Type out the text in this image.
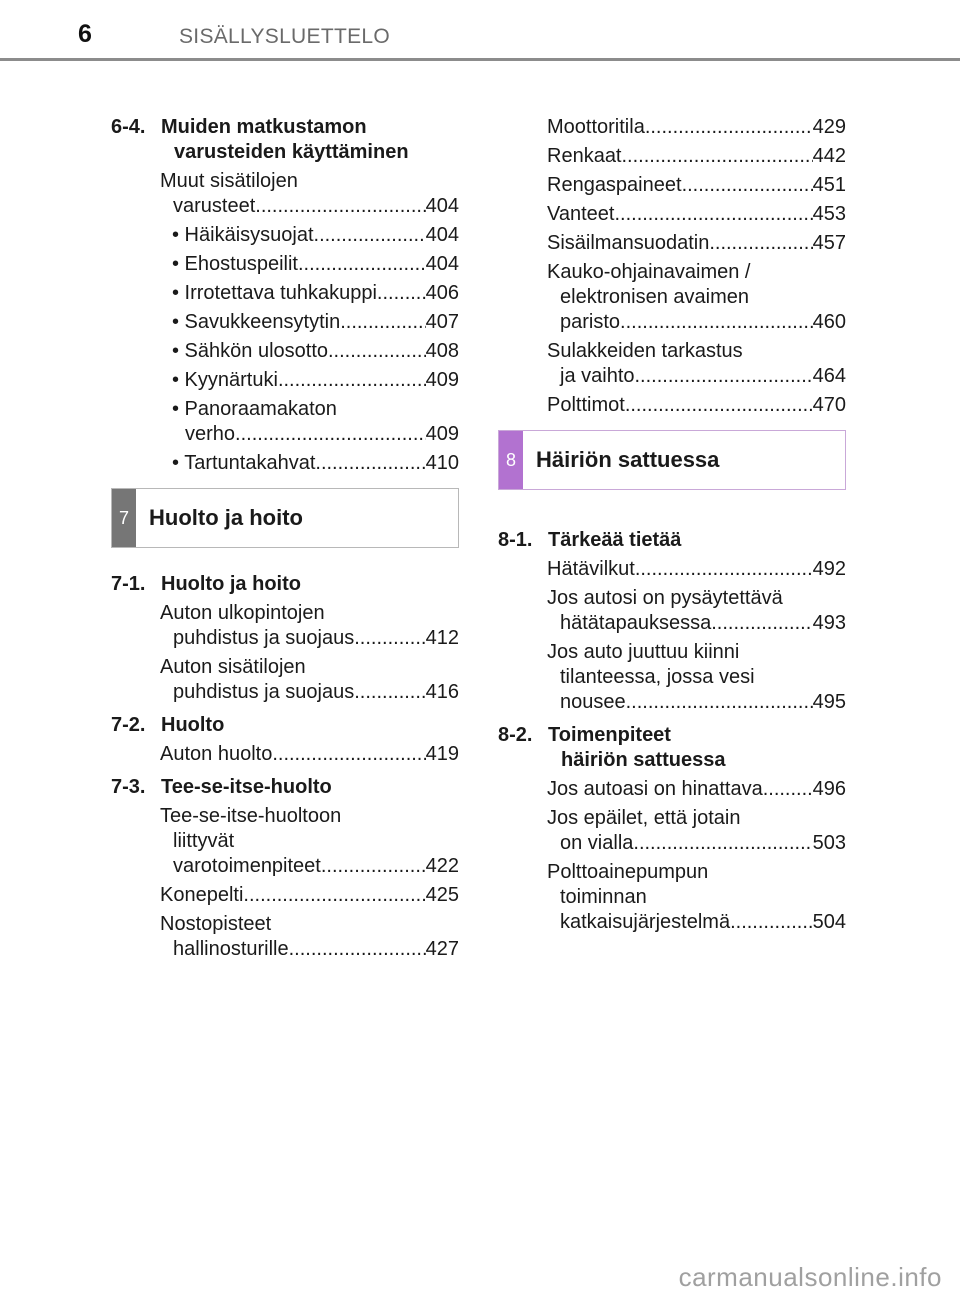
6	SISÄLLYSLUETTELO
6-4. Muiden matkustamon
varusteiden käyttäminen
Muut sisätilojen
varusteet .....	404
• Häikäisysuojat .....	404
• Ehostuspeilit .....	404
• Irrotettava tuhkakuppi ..... 406
• Savukkeensytytin .....	407
• Sähkön ulosotto .....	408
• Kyynärtuki .....	409
• Panoraamakaton
verho .....	409
• Tartuntakahvat .....	410
7 Huolto ja hoito
7-1. Huolto ja hoito
Auton ulkopintojen
puhdistus ja suojaus .....	412
Auton sisätilojen
puhdistus ja suojaus .....	416
7-2. Huolto
Auton huolto .....	419
7-3. Tee-se-itse-huolto
Tee-se-itse-huoltoon
liittyvät
varotoimenpiteet .....	422
Konepelti .....	425
Nostopisteet
hallinosturille .....	427
Moottoritila .....	429
Renkaat .....	442
Rengaspaineet .....	451
Vanteet .....	453
Sisäilmansuodatin .....	457
Kauko-ohjainavaimen /
elektronisen avaimen
paristo .....	460
Sulakkeiden tarkastus
ja vaihto .....	464
Polttimot .....	470
8 Häiriön sattuessa
8-1. Tärkeää tietää
Hätävilkut .....	492
Jos autosi on pysäytettävä
hätätapauksessa .....	493
Jos auto juuttuu kiinni
tilanteessa, jossa vesi
nousee .....	495
8-2. Toimenpiteet
häiriön sattuessa
Jos autoasi on hinattava ..... 496
Jos epäilet, että jotain
on vialla .....	503
Polttoainepumpun
toiminnan
katkaisujärjestelmä .....	504
carmanualsonline.info
